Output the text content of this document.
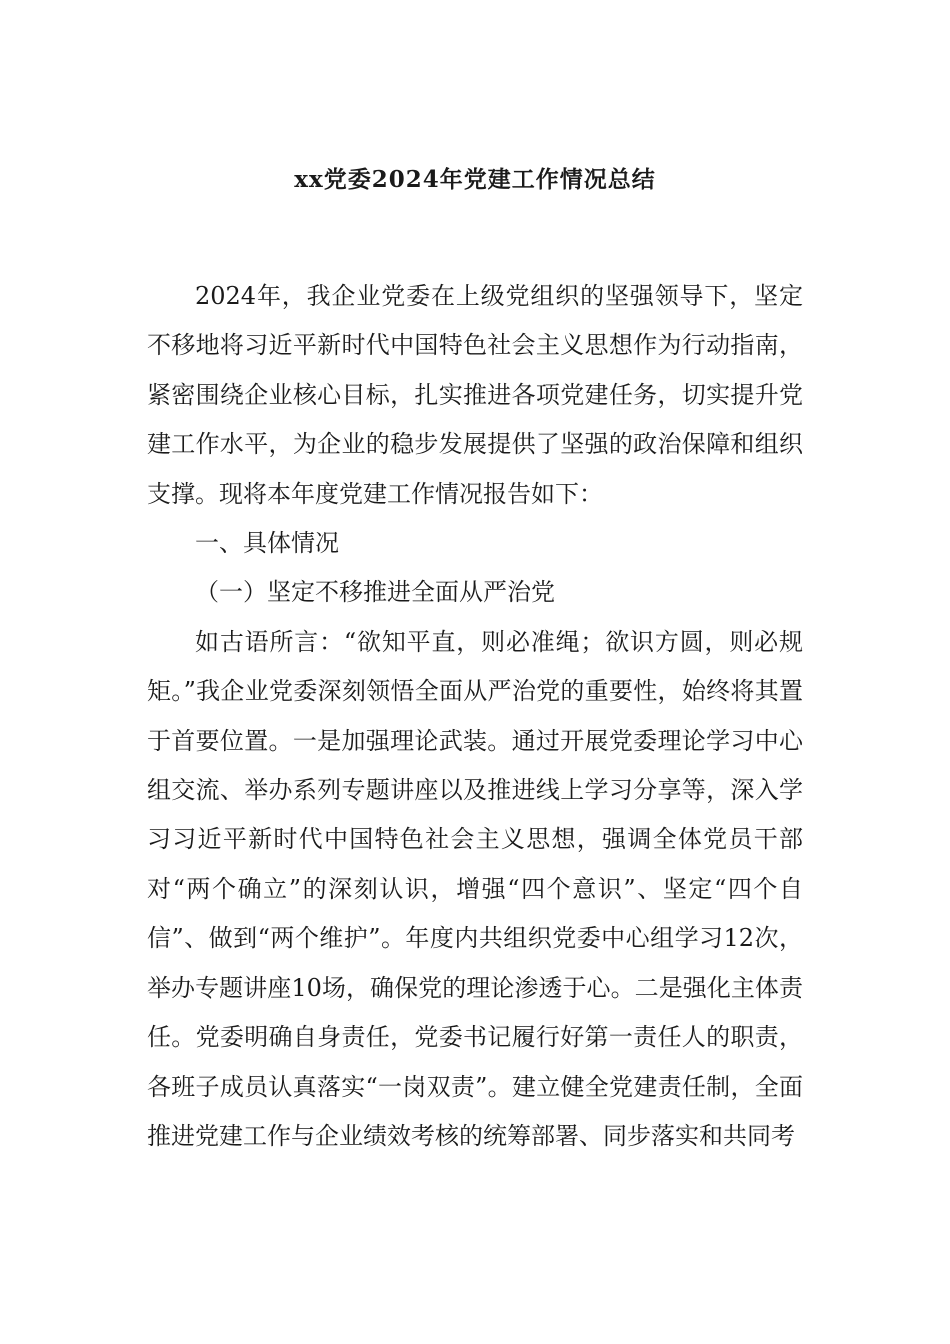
xx党委2024年党建工作情况总结

2024年，我企业党委在上级党组织的坚强领导下，坚定不移地将习近平新时代中国特色社会主义思想作为行动指南，紧密围绕企业核心目标，扎实推进各项党建任务，切实提升党建工作水平，为企业的稳步发展提供了坚强的政治保障和组织支撑。现将本年度党建工作情况报告如下：

一、具体情况

（一）坚定不移推进全面从严治党

如古语所言：“欲知平直，则必准绳；欲识方圆，则必规矩。”我企业党委深刻领悟全面从严治党的重要性，始终将其置于首要位置。一是加强理论武装。通过开展党委理论学习中心组交流、举办系列专题讲座以及推进线上学习分享等，深入学习习近平新时代中国特色社会主义思想，强调全体党员干部对“两个确立”的深刻认识，增强“四个意识”、坚定“四个自信”、做到“两个维护”。年度内共组织党委中心组学习12次，举办专题讲座10场，确保党的理论渗透于心。二是强化主体责任。党委明确自身责任，党委书记履行好第一责任人的职责，各班子成员认真落实“一岗双责”。建立健全党建责任制，全面推进党建工作与企业绩效考核的统筹部署、同步落实和共同考
